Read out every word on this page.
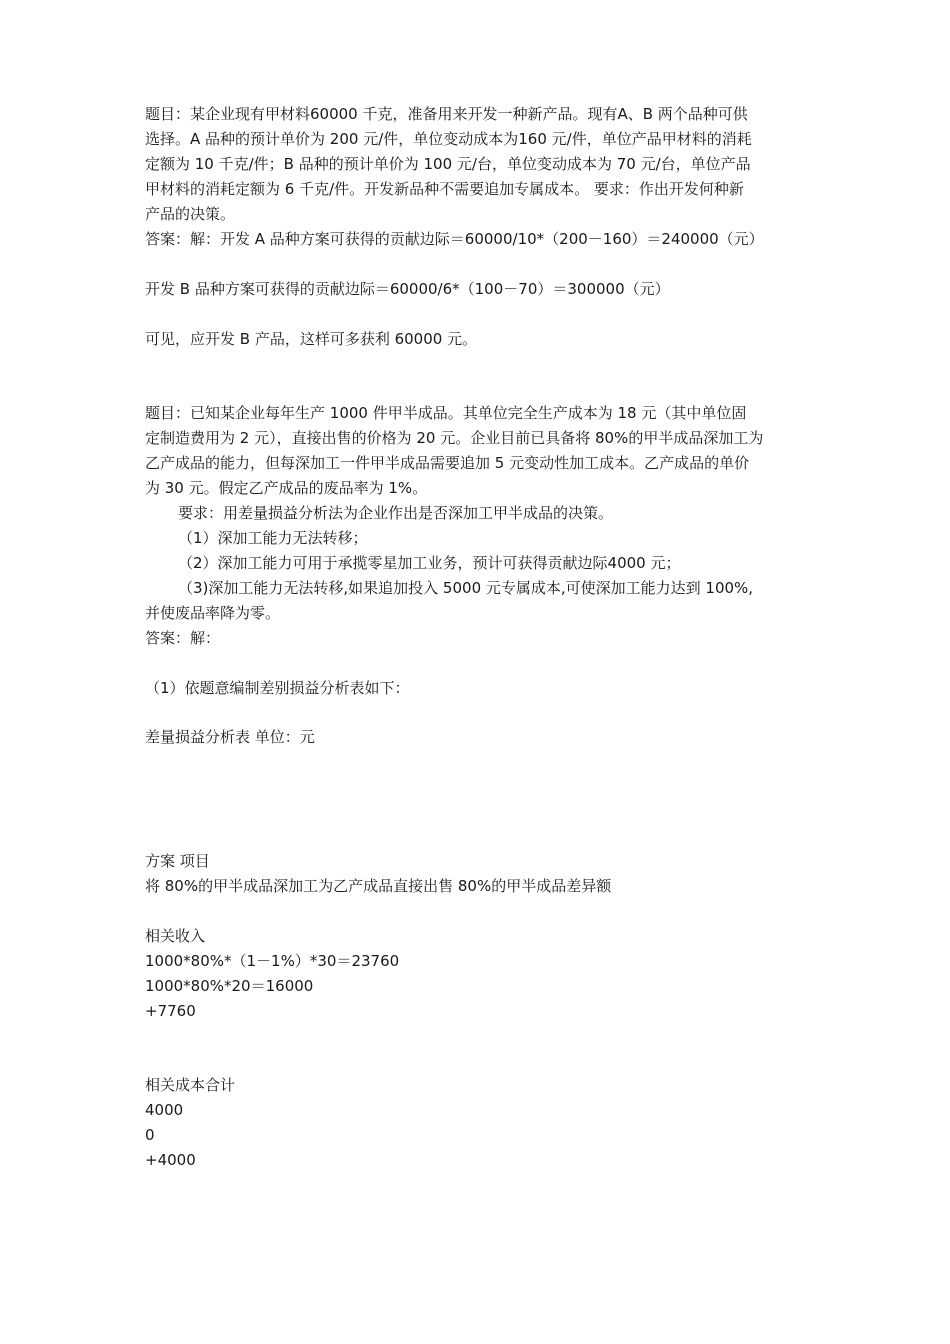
题目：某企业现有甲材料60000 千克，准备用来开发一种新产品。现有A、B 两个品种可供
选择。A 品种的预计单价为 200 元/件，单位变动成本为160 元/件，单位产品甲材料的消耗
定额为 10 千克/件；B 品种的预计单价为 100 元/台，单位变动成本为 70 元/台，单位产品
甲材料的消耗定额为 6 千克/件。开发新品种不需要追加专属成本。 要求：作出开发何种新
产品的决策。
答案：解：开发 A 品种方案可获得的贡献边际＝60000/10*（200－160）＝240000（元）
开发 B 品种方案可获得的贡献边际＝60000/6*（100－70）＝300000（元）
可见，应开发 B 产品，这样可多获利 60000 元。
题目：已知某企业每年生产 1000 件甲半成品。其单位完全生产成本为 18 元（其中单位固
定制造费用为 2 元），直接出售的价格为 20 元。企业目前已具备将 80%的甲半成品深加工为
乙产成品的能力，但每深加工一件甲半成品需要追加 5 元变动性加工成本。乙产成品的单价
为 30 元。假定乙产成品的废品率为 1%。
要求：用差量损益分析法为企业作出是否深加工甲半成品的决策。
（1）深加工能力无法转移；
（2）深加工能力可用于承揽零星加工业务，预计可获得贡献边际4000 元；
（3)深加工能力无法转移,如果追加投入 5000 元专属成本,可使深加工能力达到 100%,
并使废品率降为零。
答案：解：
（1）依题意编制差别损益分析表如下：
差量损益分析表 单位：元
方案 项目
将 80%的甲半成品深加工为乙产成品直接出售 80%的甲半成品差异额
相关收入
1000*80%*（1－1%）*30＝23760
1000*80%*20＝16000
+7760
相关成本合计
4000
0
+4000
